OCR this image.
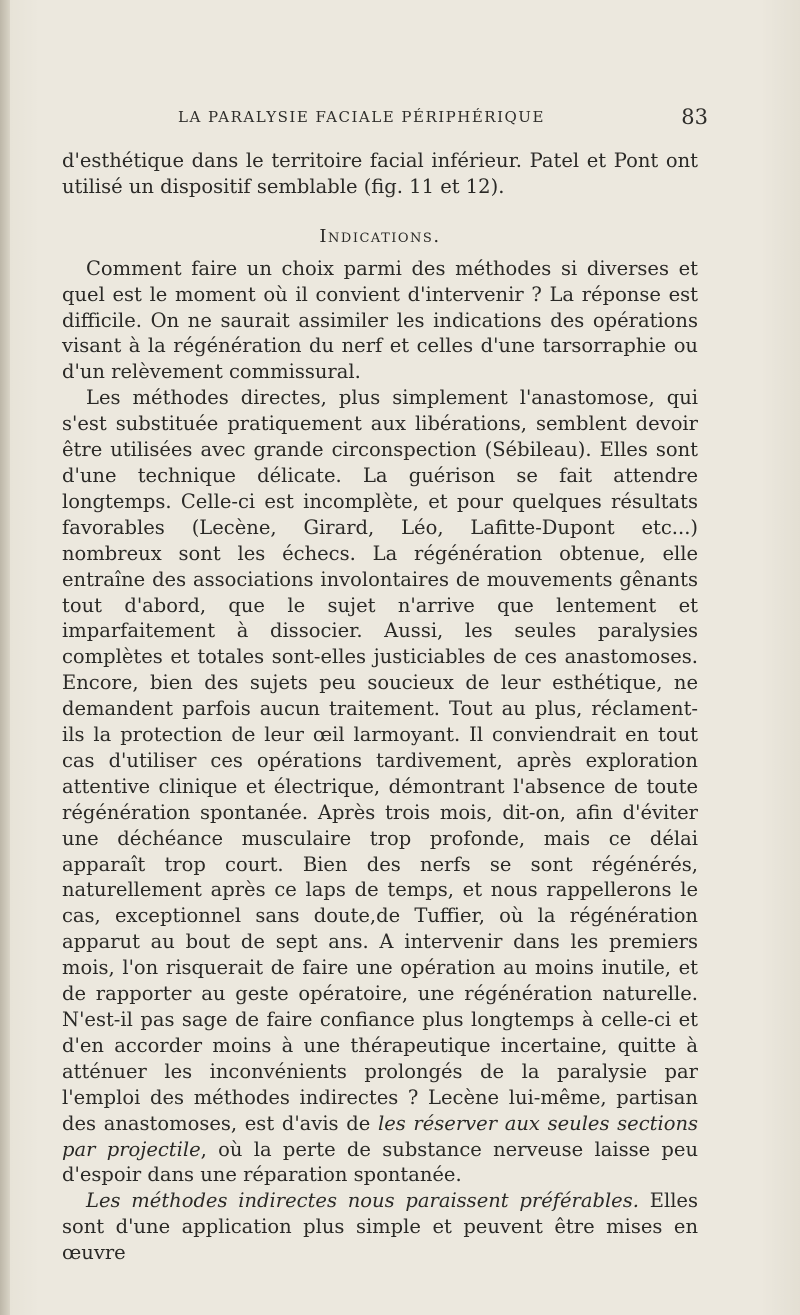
LA PARALYSIE FACIALE PÉRIPHÉRIQUE	83

d'esthétique dans le territoire facial inférieur. Patel et Pont ont utilisé un dispositif semblable (fig. 11 et 12).

Indications.

Comment faire un choix parmi des méthodes si diverses et quel est le moment où il convient d'intervenir ? La réponse est difficile. On ne saurait assimiler les indications des opérations visant à la régénération du nerf et celles d'une tarsorraphie ou d'un relèvement commissural.

Les méthodes directes, plus simplement l'anastomose, qui s'est substituée pratiquement aux libérations, semblent devoir être utilisées avec grande circonspection (Sébileau). Elles sont d'une technique délicate. La guérison se fait attendre longtemps. Celle-ci est incomplète, et pour quelques résultats favorables (Lecène, Girard, Léo, Lafitte-Dupont etc...) nombreux sont les échecs. La régénération obtenue, elle entraîne des associations involontaires de mouvements gênants tout d'abord, que le sujet n'arrive que lentement et imparfaitement à dissocier. Aussi, les seules paralysies complètes et totales sont-elles justiciables de ces anastomoses. Encore, bien des sujets peu soucieux de leur esthétique, ne demandent parfois aucun traitement. Tout au plus, réclament-ils la protection de leur œil larmoyant. Il conviendrait en tout cas d'utiliser ces opérations tardivement, après exploration attentive clinique et électrique, démontrant l'absence de toute régénération spontanée. Après trois mois, dit-on, afin d'éviter une déchéance musculaire trop profonde, mais ce délai apparaît trop court. Bien des nerfs se sont régénérés, naturellement après ce laps de temps, et nous rappellerons le cas, exceptionnel sans doute,de Tuffier, où la régénération apparut au bout de sept ans. A intervenir dans les premiers mois, l'on risquerait de faire une opération au moins inutile, et de rapporter au geste opératoire, une régénération naturelle. N'est-il pas sage de faire confiance plus longtemps à celle-ci et d'en accorder moins à une thérapeutique incertaine, quitte à atténuer les inconvénients prolongés de la paralysie par l'emploi des méthodes indirectes ? Lecène lui-même, partisan des anastomoses, est d'avis de les réserver aux seules sections par projectile, où la perte de substance nerveuse laisse peu d'espoir dans une réparation spontanée.

Les méthodes indirectes nous paraissent préférables. Elles sont d'une application plus simple et peuvent être mises en œuvre
